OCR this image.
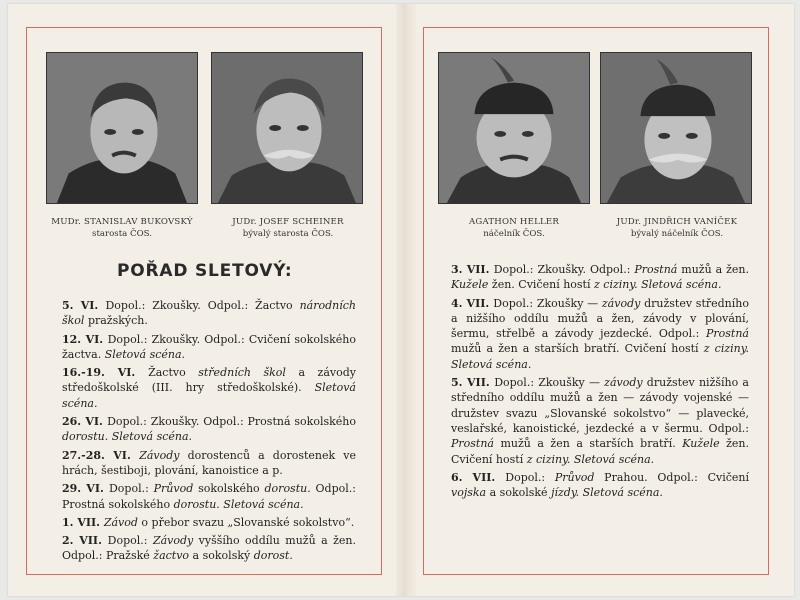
MUDr. STANISLAV BUKOVSKÝ
starosta ČOS.
JUDr. JOSEF SCHEINER
bývalý starosta ČOS.
POŘAD SLETOVÝ:
5. VI. Dopol.: Zkoušky. Odpol.: Žactvo národních škol pražských.
12. VI. Dopol.: Zkoušky. Odpol.: Cvičení sokolského žactva. Sletová scéna.
16.-19. VI. Žactvo středních škol a závody středoškolské (III. hry středoškolské). Sletová scéna.
26. VI. Dopol.: Zkoušky. Odpol.: Prostná sokolského dorostu. Sletová scéna.
27.-28. VI. Závody dorostenců a dorostenek ve hrách, šestiboji, plování, kanoistice a p.
29. VI. Dopol.: Průvod sokolského dorostu. Odpol.: Prostná sokolského dorostu. Sletová scéna.
1. VII. Závod o přebor svazu „Slovanské sokolstvo“.
2. VII. Dopol.: Závody vyššího oddílu mužů a žen. Odpol.: Pražské žactvo a sokolský dorost.
AGATHON HELLER
náčelník ČOS.
JUDr. JINDŘICH VANÍČEK
bývalý náčelník ČOS.
3. VII. Dopol.: Zkoušky. Odpol.: Prostná mužů a žen. Kužele žen. Cvičení hostí z ciziny. Sletová scéna.
4. VII. Dopol.: Zkoušky — závody družstev středního a nižšího oddílu mužů a žen, závody v plování, šermu, střelbě a závody jezdecké. Odpol.: Prostná mužů a žen a starších bratří. Cvičení hostí z ciziny. Sletová scéna.
5. VII. Dopol.: Zkoušky — závody družstev nižšího a středního oddílu mužů a žen — závody vojenské — družstev svazu „Slovanské sokolstvo“ — plavecké, veslařské, kanoistické, jezdecké a v šermu. Odpol.: Prostná mužů a žen a starších bratří. Kužele žen. Cvičení hostí z ciziny. Sletová scéna.
6. VII. Dopol.: Průvod Prahou. Odpol.: Cvičení vojska a sokolské jízdy. Sletová scéna.
